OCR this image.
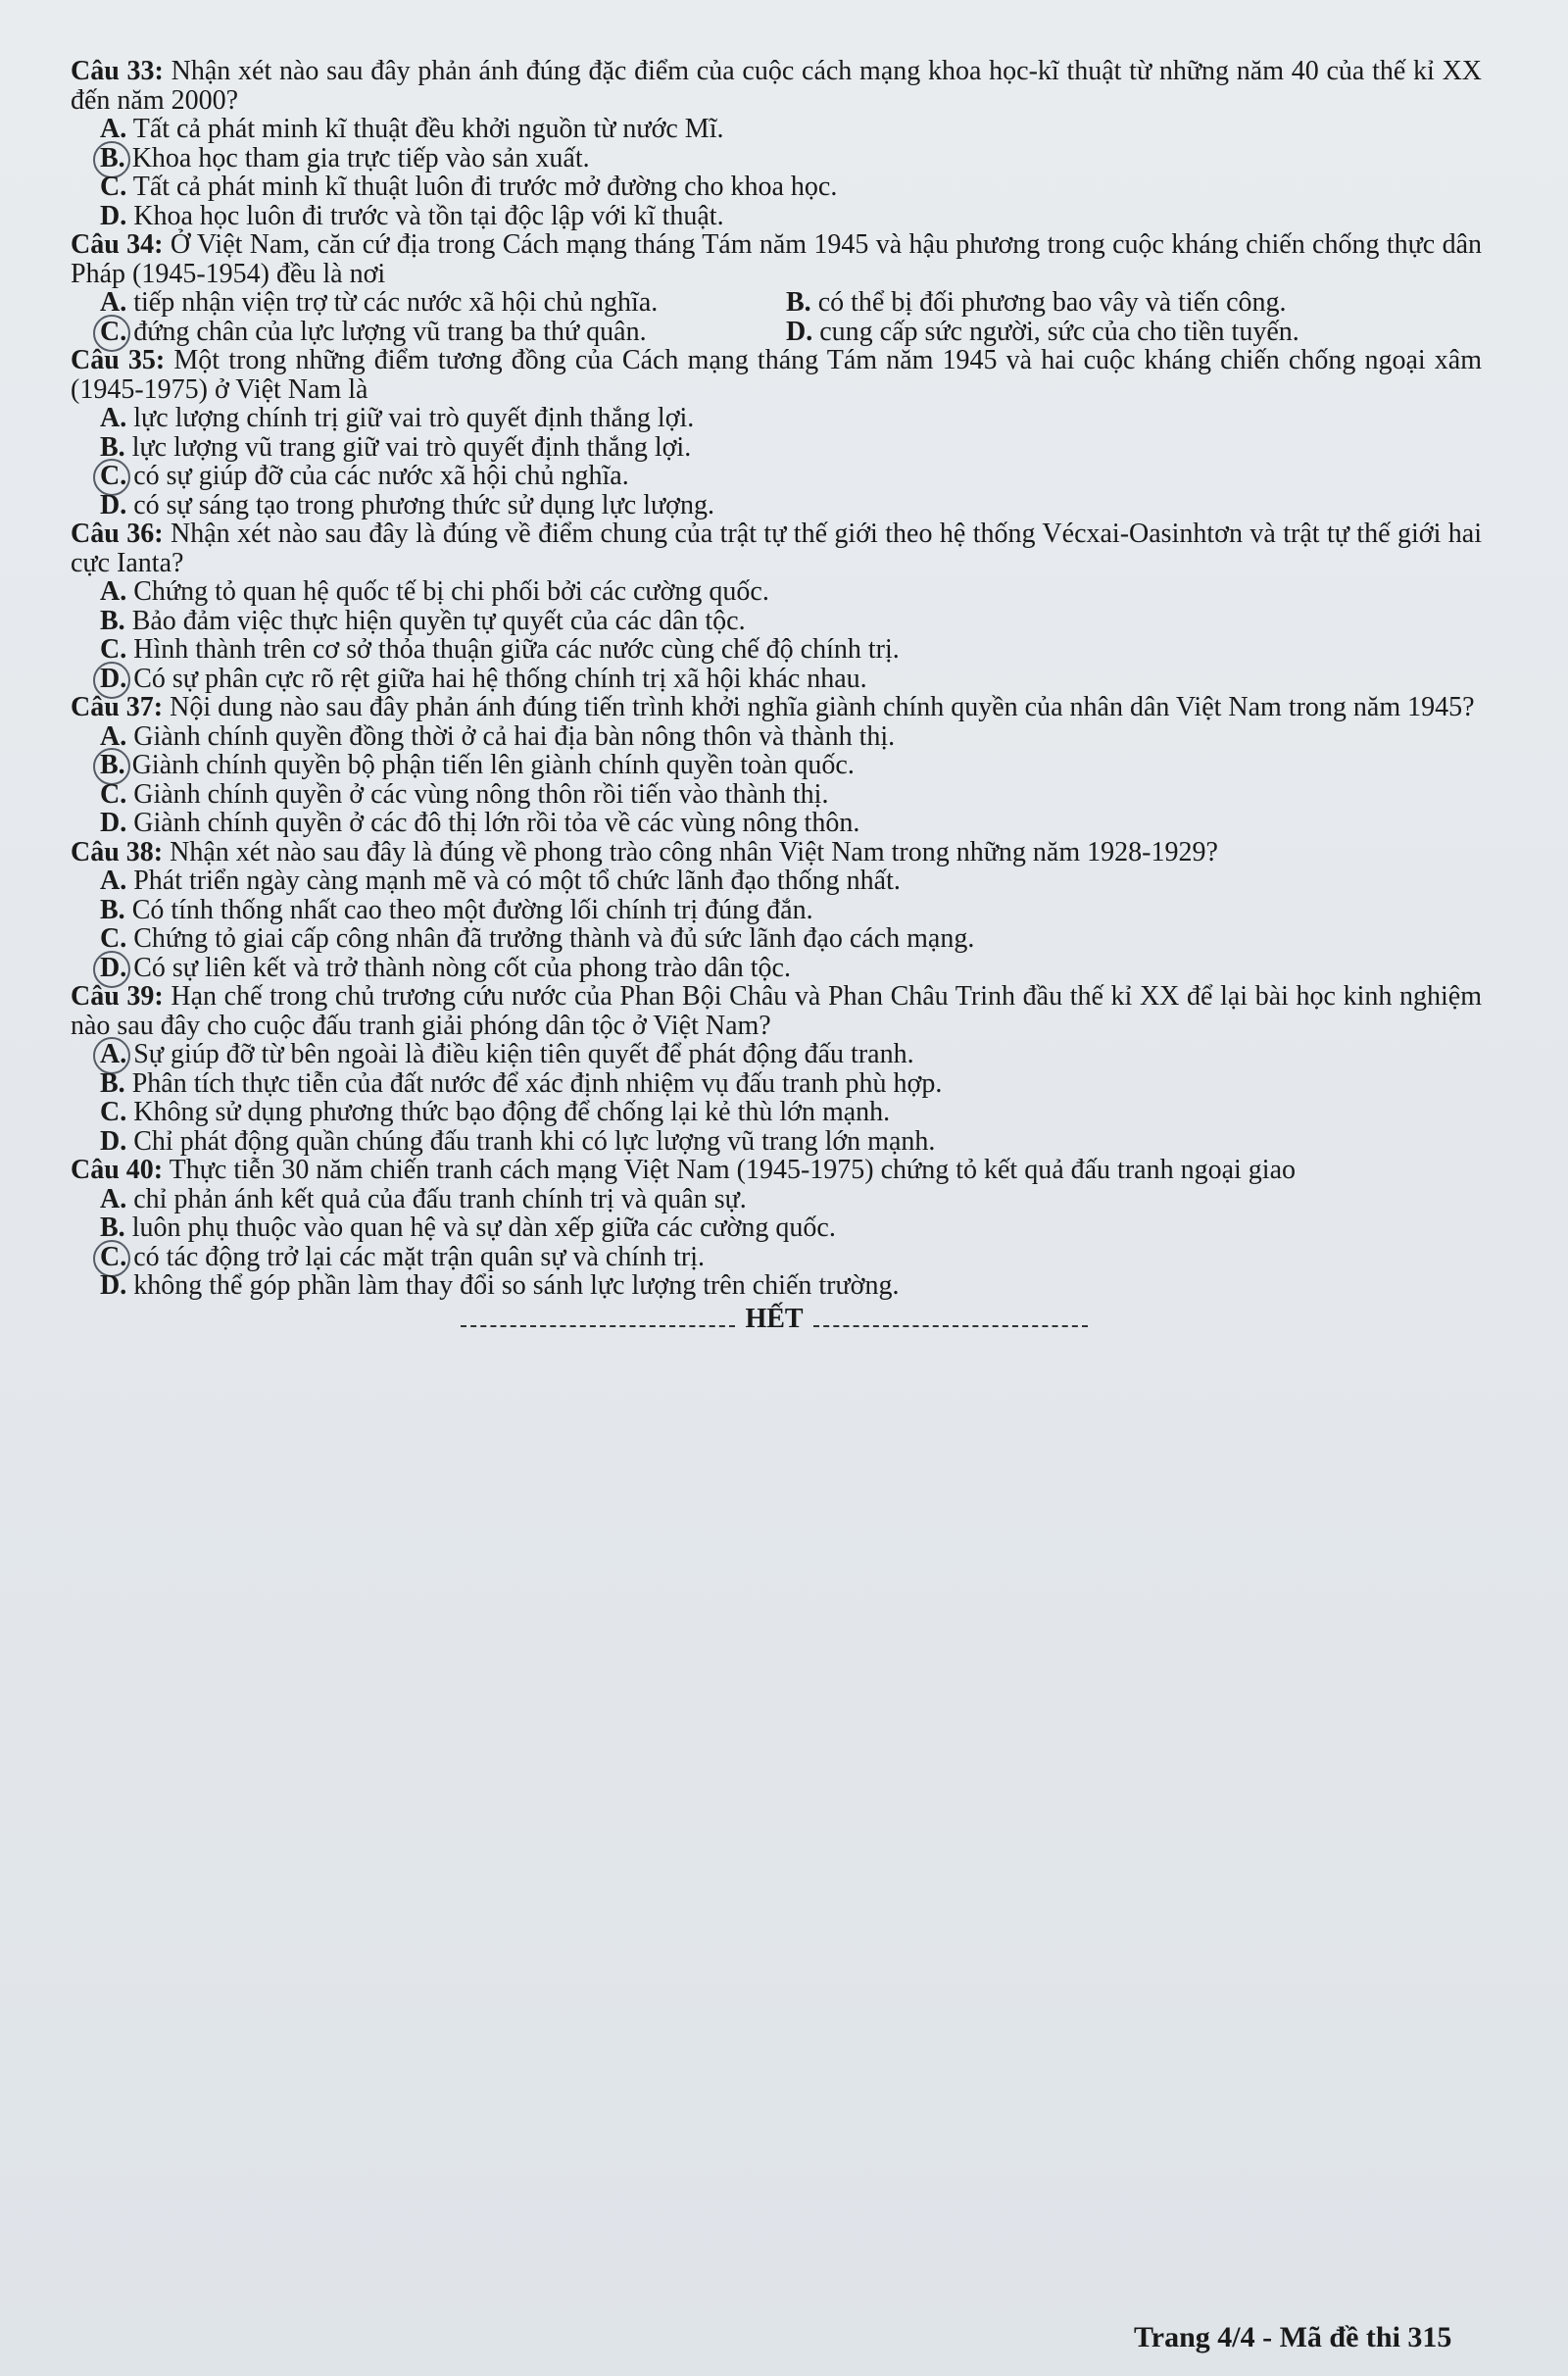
Câu 33: Nhận xét nào sau đây phản ánh đúng đặc điểm của cuộc cách mạng khoa học-kĩ thuật từ những năm 40 của thế kỉ XX đến năm 2000?
A. Tất cả phát minh kĩ thuật đều khởi nguồn từ nước Mĩ.
B. Khoa học tham gia trực tiếp vào sản xuất.
C. Tất cả phát minh kĩ thuật luôn đi trước mở đường cho khoa học.
D. Khoa học luôn đi trước và tồn tại độc lập với kĩ thuật.
Câu 34: Ở Việt Nam, căn cứ địa trong Cách mạng tháng Tám năm 1945 và hậu phương trong cuộc kháng chiến chống thực dân Pháp (1945-1954) đều là nơi
A. tiếp nhận viện trợ từ các nước xã hội chủ nghĩa.	B. có thể bị đối phương bao vây và tiến công.
C. đứng chân của lực lượng vũ trang ba thứ quân.	D. cung cấp sức người, sức của cho tiền tuyến.
Câu 35: Một trong những điểm tương đồng của Cách mạng tháng Tám năm 1945 và hai cuộc kháng chiến chống ngoại xâm (1945-1975) ở Việt Nam là
A. lực lượng chính trị giữ vai trò quyết định thắng lợi.
B. lực lượng vũ trang giữ vai trò quyết định thắng lợi.
C. có sự giúp đỡ của các nước xã hội chủ nghĩa.
D. có sự sáng tạo trong phương thức sử dụng lực lượng.
Câu 36: Nhận xét nào sau đây là đúng về điểm chung của trật tự thế giới theo hệ thống Vécxai-Oasinhtơn và trật tự thế giới hai cực Ianta?
A. Chứng tỏ quan hệ quốc tế bị chi phối bởi các cường quốc.
B. Bảo đảm việc thực hiện quyền tự quyết của các dân tộc.
C. Hình thành trên cơ sở thỏa thuận giữa các nước cùng chế độ chính trị.
D. Có sự phân cực rõ rệt giữa hai hệ thống chính trị xã hội khác nhau.
Câu 37: Nội dung nào sau đây phản ánh đúng tiến trình khởi nghĩa giành chính quyền của nhân dân Việt Nam trong năm 1945?
A. Giành chính quyền đồng thời ở cả hai địa bàn nông thôn và thành thị.
B. Giành chính quyền bộ phận tiến lên giành chính quyền toàn quốc.
C. Giành chính quyền ở các vùng nông thôn rồi tiến vào thành thị.
D. Giành chính quyền ở các đô thị lớn rồi tỏa về các vùng nông thôn.
Câu 38: Nhận xét nào sau đây là đúng về phong trào công nhân Việt Nam trong những năm 1928-1929?
A. Phát triển ngày càng mạnh mẽ và có một tổ chức lãnh đạo thống nhất.
B. Có tính thống nhất cao theo một đường lối chính trị đúng đắn.
C. Chứng tỏ giai cấp công nhân đã trưởng thành và đủ sức lãnh đạo cách mạng.
D. Có sự liên kết và trở thành nòng cốt của phong trào dân tộc.
Câu 39: Hạn chế trong chủ trương cứu nước của Phan Bội Châu và Phan Châu Trinh đầu thế kỉ XX để lại bài học kinh nghiệm nào sau đây cho cuộc đấu tranh giải phóng dân tộc ở Việt Nam?
A. Sự giúp đỡ từ bên ngoài là điều kiện tiên quyết để phát động đấu tranh.
B. Phân tích thực tiễn của đất nước để xác định nhiệm vụ đấu tranh phù hợp.
C. Không sử dụng phương thức bạo động để chống lại kẻ thù lớn mạnh.
D. Chỉ phát động quần chúng đấu tranh khi có lực lượng vũ trang lớn mạnh.
Câu 40: Thực tiễn 30 năm chiến tranh cách mạng Việt Nam (1945-1975) chứng tỏ kết quả đấu tranh ngoại giao
A. chỉ phản ánh kết quả của đấu tranh chính trị và quân sự.
B. luôn phụ thuộc vào quan hệ và sự dàn xếp giữa các cường quốc.
C. có tác động trở lại các mặt trận quân sự và chính trị.
D. không thể góp phần làm thay đổi so sánh lực lượng trên chiến trường.
HẾT
Trang 4/4 - Mã đề thi 315
